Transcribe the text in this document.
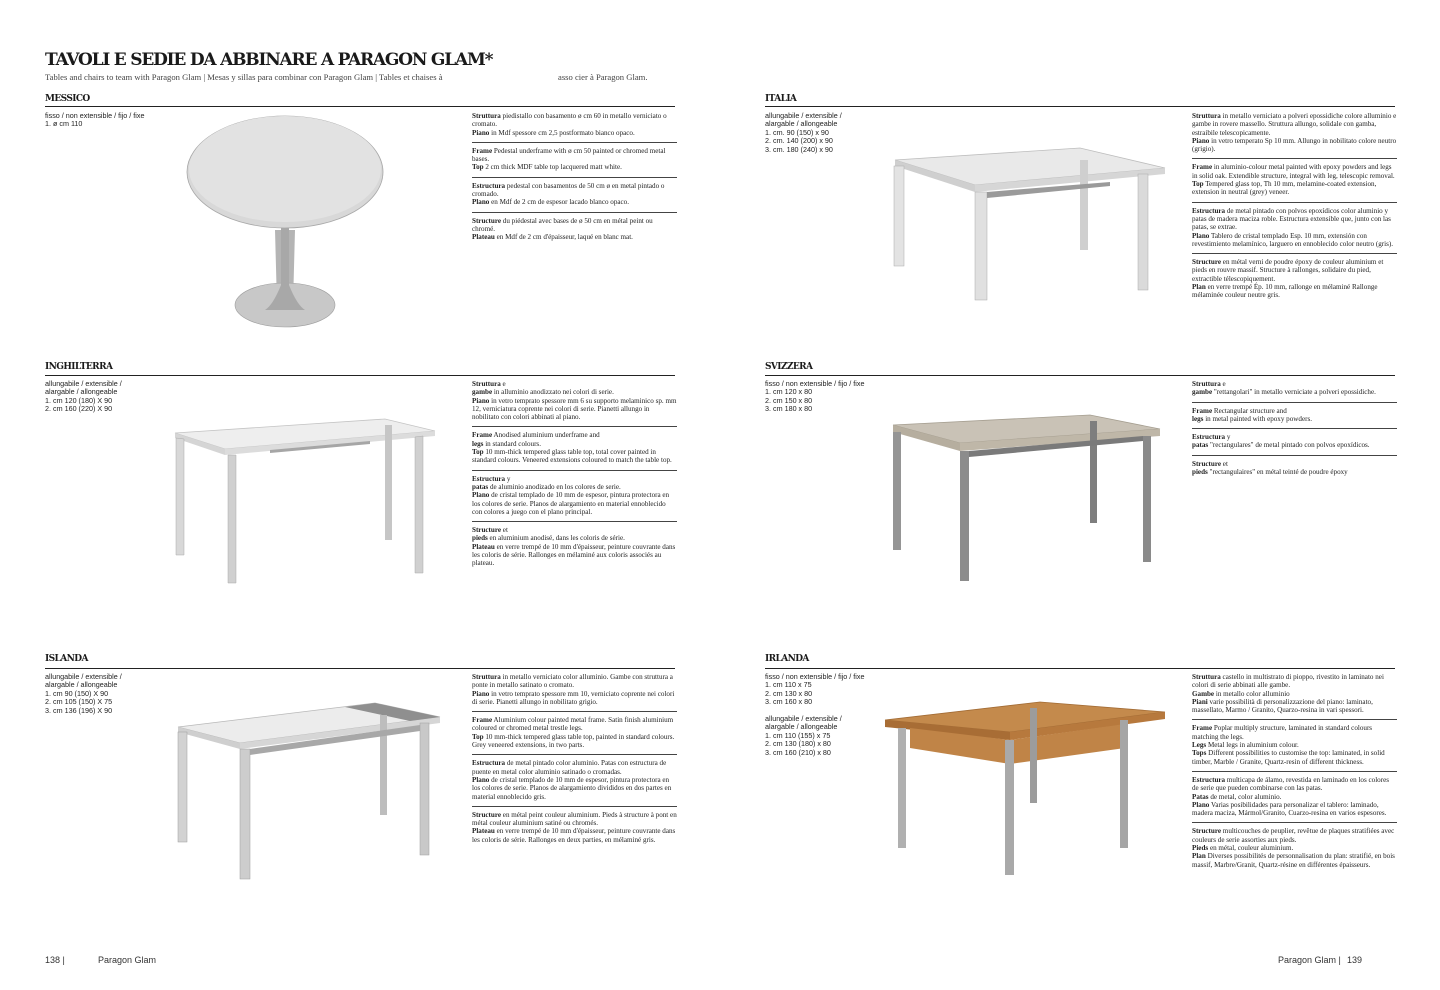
TAVOLI E SEDIE DA ABBINARE A PARAGON GLAM*
Tables and chairs to team with Paragon Glam | Mesas y sillas para combinar con Paragon Glam | Tables et chaises à	asso cier à Paragon Glam.
MESSICO
fisso / non extensible / fijo / fixe
1. ø cm 110
Struttura piedistallo con basamento ø cm 60 in metallo verniciato o cromato.
Piano in Mdf spessore cm 2,5 postformato bianco opaco.
Frame Pedestal underframe with ø cm 50 painted or chromed metal bases.
Top 2 cm thick MDF table top lacquered matt white.
Estructura pedestal con basamentos de 50 cm ø en metal pintado o cromado.
Plano en Mdf de 2 cm de espesor lacado blanco opaco.
Structure du piédestal avec bases de ø 50 cm en métal peint ou chromé.
Plateau en Mdf de 2 cm d'épaisseur, laqué en blanc mat.
ITALIA
allungabile / extensible /
alargable / allongeable
1. cm. 90 (150) x 90
2. cm. 140 (200) x 90
3. cm. 180 (240) x 90
Struttura in metallo verniciato a polveri epossidiche colore alluminio e gambe in rovere massello. Struttura allungo, solidale con gamba, estraibile telescopicamente.
Piano in vetro temperato Sp 10 mm. Allungo in nobilitato colore neutro (grigio).
Frame in aluminio-colour metal painted with epoxy powders and legs in solid oak. Extendible structure, integral with leg, telescopic removal.
Top Tempered glass top, Th 10 mm, melamine-coated extension, extension in neutral (grey) veneer.
Estructura de metal pintado con polvos epoxídicos color aluminio y patas de madera maciza roble. Estructura extensible que, junto con las patas, se extrae.
Plano Tablero de cristal templado Esp. 10 mm, extensión con revestimiento melamínico, larguero en ennoblecido color neutro (gris).
Structure en métal verni de poudre époxy de couleur aluminium et pieds en rouvre massif. Structure à rallonges, solidaire du pied, extractible télescopiquement.
Plan en verre trempé Ép. 10 mm, rallonge en mélaminé Rallonge mélaminée couleur neutre gris.
INGHILTERRA
allungabile / extensible /
alargable / allongeable
1. cm 120 (180) X 90
2. cm 160 (220) X 90
Struttura e
gambe in alluminio anodizzato nei colori di serie.
Piano in vetro temprato spessore mm 6 su supporto melaminico sp. mm 12, verniciatura coprente nei colori di serie. Pianetti allungo in nobilitato con colori abbinati al piano.
Frame Anodised aluminium underframe and
legs in standard colours.
Top 10 mm-thick tempered glass table top, total cover painted in standard colours. Veneered extensions coloured to match the table top.
Estructura y
patas de aluminio anodizado en los colores de serie.
Plano de cristal templado de 10 mm de espesor, pintura protectora en los colores de serie. Planos de alargamiento en material ennoblecido con colores a juego con el plano principal.
Structure et
pieds en aluminium anodisé, dans les coloris de série.
Plateau en verre trempé de 10 mm d'épaisseur, peinture couvrante dans les coloris de série. Rallonges en mélaminé aux coloris associés au plateau.
SVIZZERA
fisso / non extensible / fijo / fixe
1. cm 120 x 80
2. cm 150 x 80
3. cm 180 x 80
Struttura e
gambe "rettangolari" in metallo verniciate a polveri epossidiche.
Frame Rectangular structure and
legs in metal painted with epoxy powders.
Estructura y
patas "rectangulares" de metal pintado con polvos epoxídicos.
Structure et
pieds "rectangulaires" en métal teinté de poudre époxy
ISLANDA
allungabile / extensible /
alargable / allongeable
1. cm 90 (150) X 90
2. cm 105 (150) X 75
3. cm 136 (196) X 90
Struttura in metallo verniciato color alluminio. Gambe con struttura a ponte in metallo satinato o cromato.
Piano in vetro temprato spessore mm 10, verniciato coprente nei colori di serie. Pianetti allungo in nobilitato grigio.
Frame Aluminium colour painted metal frame. Satin finish aluminium coloured or chromed metal trestle legs.
Top 10 mm-thick tempered glass table top, painted in standard colours. Grey veneered extensions, in two parts.
Estructura de metal pintado color aluminio. Patas con estructura de puente en metal color aluminio satinado o cromadas.
Plano de cristal templado de 10 mm de espesor, pintura protectora en los colores de serie. Planos de alargamiento divididos en dos partes en material ennoblecido gris.
Structure en métal peint couleur aluminium. Pieds à structure à pont en métal couleur aluminium satiné ou chromés.
Plateau en verre trempé de 10 mm d'épaisseur, peinture couvrante dans les coloris de série. Rallonges en deux parties, en mélaminé gris.
IRLANDA
fisso / non extensible / fijo / fixe
1. cm 110 x 75
2. cm 130 x 80
3. cm 160 x 80

allungabile / extensible /
alargable / allongeable
1. cm 110 (155) x 75
2. cm 130 (180) x 80
3. cm 160 (210) x 80
Struttura castello in multistrato di pioppo, rivestito in laminato nei colori di serie abbinati alle gambe.
Gambe in metallo color alluminio
Piani varie possibilità di personalizzazione del piano: laminato, massellato, Marmo / Granito, Quarzo-resina in vari spessori.
Frame Poplar multiply structure, laminated in standard colours matching the legs.
Legs Metal legs in aluminium colour.
Tops Different possibilities to customise the top: laminated, in solid timber, Marble / Granite, Quartz-resin of different thickness.
Estructura multicapa de álamo, revestida en laminado en los colores de serie que pueden combinarse con las patas.
Patas de metal, color aluminio.
Plano Varias posibilidades para personalizar el tablero: laminado, madera maciza, Mármol/Granito, Cuarzo-resina en varios espesores.
Structure multicouches de peuplier, revêtue de plaques stratifiées avec couleurs de serie assorties aux pieds.
Pieds en métal, couleur aluminium.
Plan Diverses possibilités de personnalisation du plan: stratifié, en bois massif, Marbre/Granit, Quartz-résine en différentes épaisseurs.
138 |	Paragon Glam	Paragon Glam | 139
